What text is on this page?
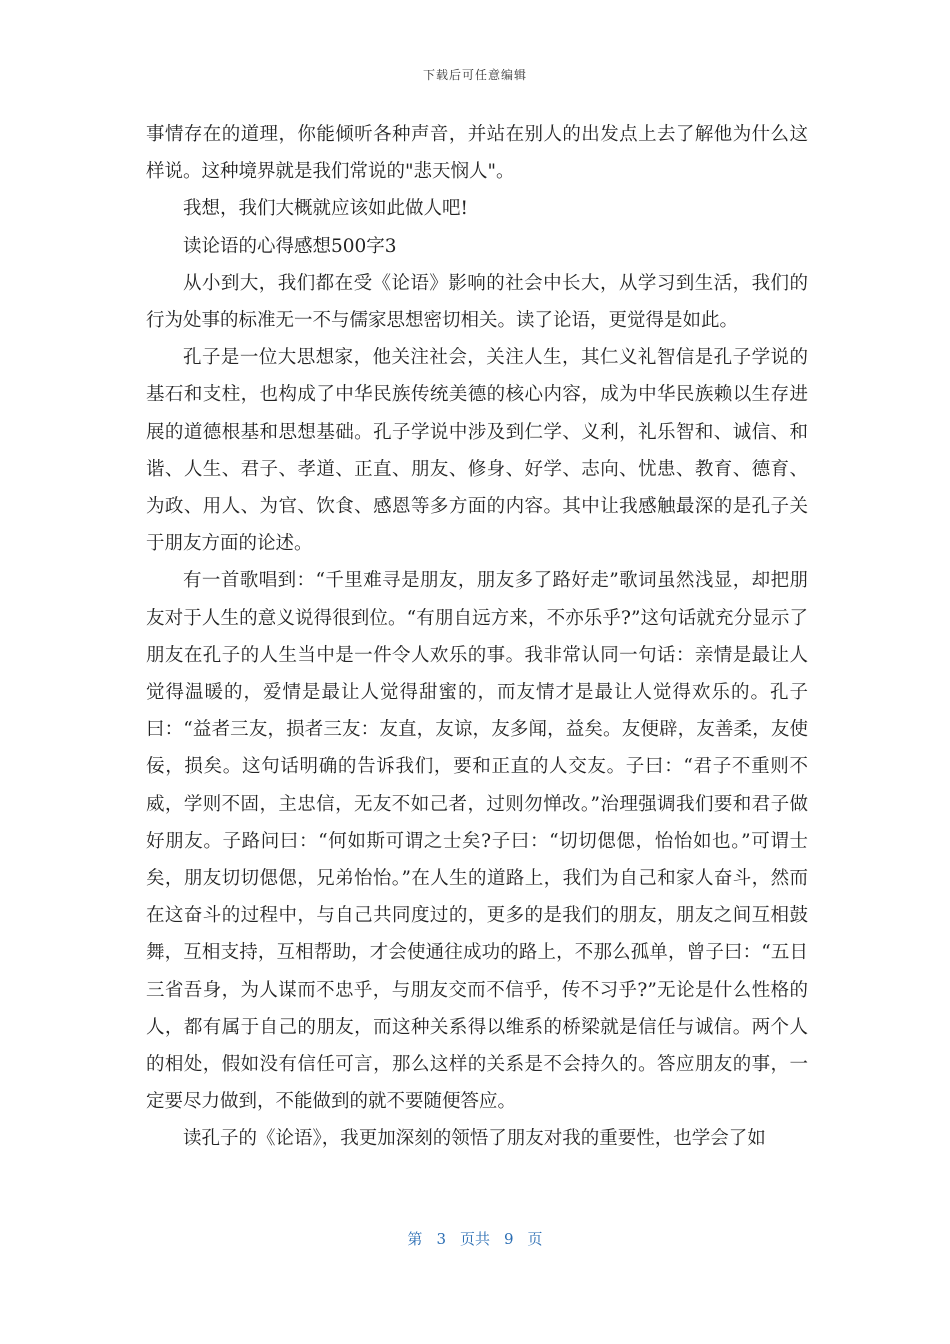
下载后可任意编辑

事情存在的道理，你能倾听各种声音，并站在别人的出发点上去了解他为什么这样说。这种境界就是我们常说的"悲天悯人"。

我想，我们大概就应该如此做人吧!

读论语的心得感想500字3

从小到大，我们都在受《论语》影响的社会中长大，从学习到生活，我们的行为处事的标准无一不与儒家思想密切相关。读了论语，更觉得是如此。

孔子是一位大思想家，他关注社会，关注人生，其仁义礼智信是孔子学说的基石和支柱，也构成了中华民族传统美德的核心内容，成为中华民族赖以生存进展的道德根基和思想基础。孔子学说中涉及到仁学、义利，礼乐智和、诚信、和谐、人生、君子、孝道、正直、朋友、修身、好学、志向、忧患、教育、德育、为政、用人、为官、饮食、感恩等多方面的内容。其中让我感触最深的是孔子关于朋友方面的论述。

有一首歌唱到：“千里难寻是朋友，朋友多了路好走”歌词虽然浅显，却把朋友对于人生的意义说得很到位。“有朋自远方来，不亦乐乎?”这句话就充分显示了朋友在孔子的人生当中是一件令人欢乐的事。我非常认同一句话：亲情是最让人觉得温暖的，爱情是最让人觉得甜蜜的，而友情才是最让人觉得欢乐的。孔子曰：“益者三友，损者三友：友直，友谅，友多闻，益矣。友便辟，友善柔，友使佞，损矣。这句话明确的告诉我们，要和正直的人交友。子曰：“君子不重则不威，学则不固，主忠信，无友不如己者，过则勿惮改。”治理强调我们要和君子做好朋友。子路问曰：“何如斯可谓之士矣?子曰：“切切偲偲，怡怡如也。”可谓士矣，朋友切切偲偲，兄弟怡怡。”在人生的道路上，我们为自己和家人奋斗，然而在这奋斗的过程中，与自己共同度过的，更多的是我们的朋友，朋友之间互相鼓舞，互相支持，互相帮助，才会使通往成功的路上，不那么孤单，曾子曰：“五日三省吾身，为人谋而不忠乎，与朋友交而不信乎，传不习乎?”无论是什么性格的人，都有属于自己的朋友，而这种关系得以维系的桥梁就是信任与诚信。两个人的相处，假如没有信任可言，那么这样的关系是不会持久的。答应朋友的事，一定要尽力做到，不能做到的就不要随便答应。

读孔子的《论语》，我更加深刻的领悟了朋友对我的重要性，也学会了如

第 3 页共 9 页
